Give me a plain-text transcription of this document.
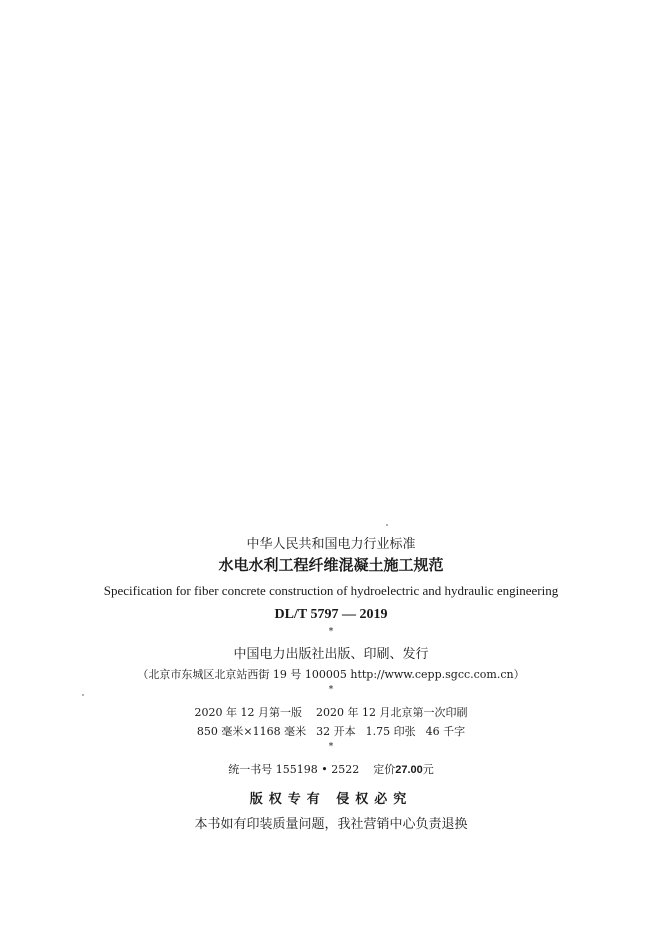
中华人民共和国电力行业标准
水电水利工程纤维混凝土施工规范
Specification for fiber concrete construction of hydroelectric and hydraulic engineering
DL/T 5797 — 2019
*
中国电力出版社出版、印刷、发行
（北京市东城区北京站西街 19 号 100005 http://www.cepp.sgcc.com.cn）
*
2020 年 12 月第一版 2020 年 12 月北京第一次印刷
850 毫米×1168 毫米 32 开本 1.75 印张 46 千字
*
统一书号 155198 • 2522 定价27.00元
版权专有 侵权必究
本书如有印装质量问题，我社营销中心负责退换
